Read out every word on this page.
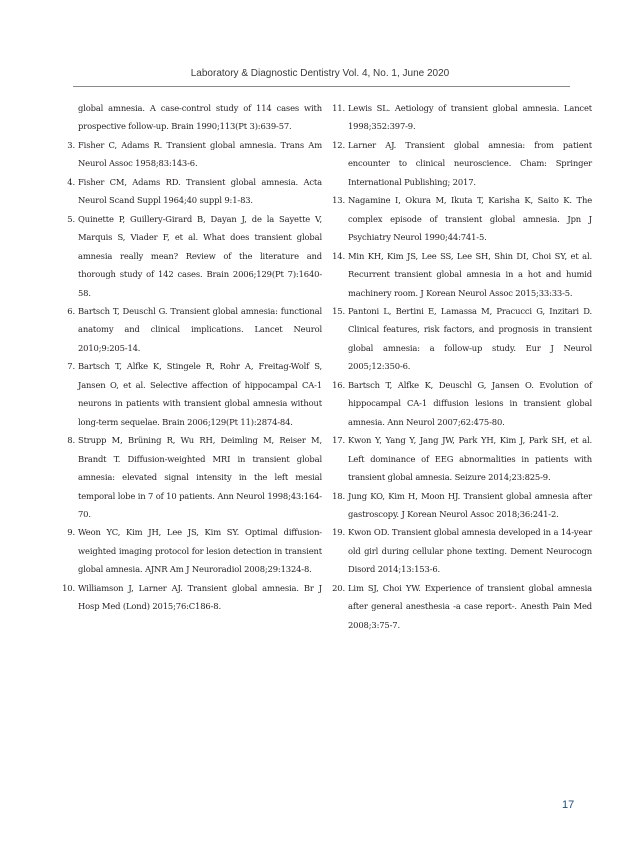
Laboratory & Diagnostic Dentistry Vol. 4, No. 1, June 2020
global amnesia. A case-control study of 114 cases with prospective follow-up. Brain 1990;113(Pt 3):639-57.
3 . Fisher C, Adams R. Transient global amnesia. Trans Am Neurol Assoc 1958;83:143-6.
4 . Fisher CM, Adams RD. Transient global amnesia. Acta Neurol Scand Suppl 1964;40 suppl 9:1-83.
5 . Quinette P, Guillery-Girard B, Dayan J, de la Sayette V, Marquis S, Viader F, et al. What does transient global amnesia really mean? Review of the literature and thorough study of 142 cases. Brain 2006;129(Pt 7):1640-58.
6 . Bartsch T, Deuschl G. Transient global amnesia: functional anatomy and clinical implications. Lancet Neurol 2010;9:205-14.
7 . Bartsch T, Alfke K, Stingele R, Rohr A, Freitag-Wolf S, Jansen O, et al. Selective affection of hippocampal CA-1 neurons in patients with transient global amnesia without long-term sequelae. Brain 2006;129(Pt 11):2874-84.
8 . Strupp M, Brüning R, Wu RH, Deimling M, Reiser M, Brandt T. Diffusion-weighted MRI in transient global amnesia: elevated signal intensity in the left mesial temporal lobe in 7 of 10 patients. Ann Neurol 1998;43:164-70.
9 . Weon YC, Kim JH, Lee JS, Kim SY. Optimal diffusion-weighted imaging protocol for lesion detection in transient global amnesia. AJNR Am J Neuroradiol 2008;29:1324-8.
10 . Williamson J, Larner AJ. Transient global amnesia. Br J Hosp Med (Lond) 2015;76:C186-8.
11 . Lewis SL. Aetiology of transient global amnesia. Lancet 1998;352:397-9.
12 . Larner AJ. Transient global amnesia: from patient encounter to clinical neuroscience. Cham: Springer International Publishing; 2017.
13 . Nagamine I, Okura M, Ikuta T, Karisha K, Saito K. The complex episode of transient global amnesia. Jpn J Psychiatry Neurol 1990;44:741-5.
14 . Min KH, Kim JS, Lee SS, Lee SH, Shin DI, Choi SY, et al. Recurrent transient global amnesia in a hot and humid machinery room. J Korean Neurol Assoc 2015;33:33-5.
15 . Pantoni L, Bertini E, Lamassa M, Pracucci G, Inzitari D. Clinical features, risk factors, and prognosis in transient global amnesia: a follow-up study. Eur J Neurol 2005;12:350-6.
16 . Bartsch T, Alfke K, Deuschl G, Jansen O. Evolution of hippocampal CA-1 diffusion lesions in transient global amnesia. Ann Neurol 2007;62:475-80.
17 . Kwon Y, Yang Y, Jang JW, Park YH, Kim J, Park SH, et al. Left dominance of EEG abnormalities in patients with transient global amnesia. Seizure 2014;23:825-9.
18 . Jung KO, Kim H, Moon HJ. Transient global amnesia after gastroscopy. J Korean Neurol Assoc 2018;36:241-2.
19 . Kwon OD. Transient global amnesia developed in a 14-year old girl during cellular phone texting. Dement Neurocogn Disord 2014;13:153-6.
20 . Lim SJ, Choi YW. Experience of transient global amnesia after general anesthesia -a case report-. Anesth Pain Med 2008;3:75-7.
17
